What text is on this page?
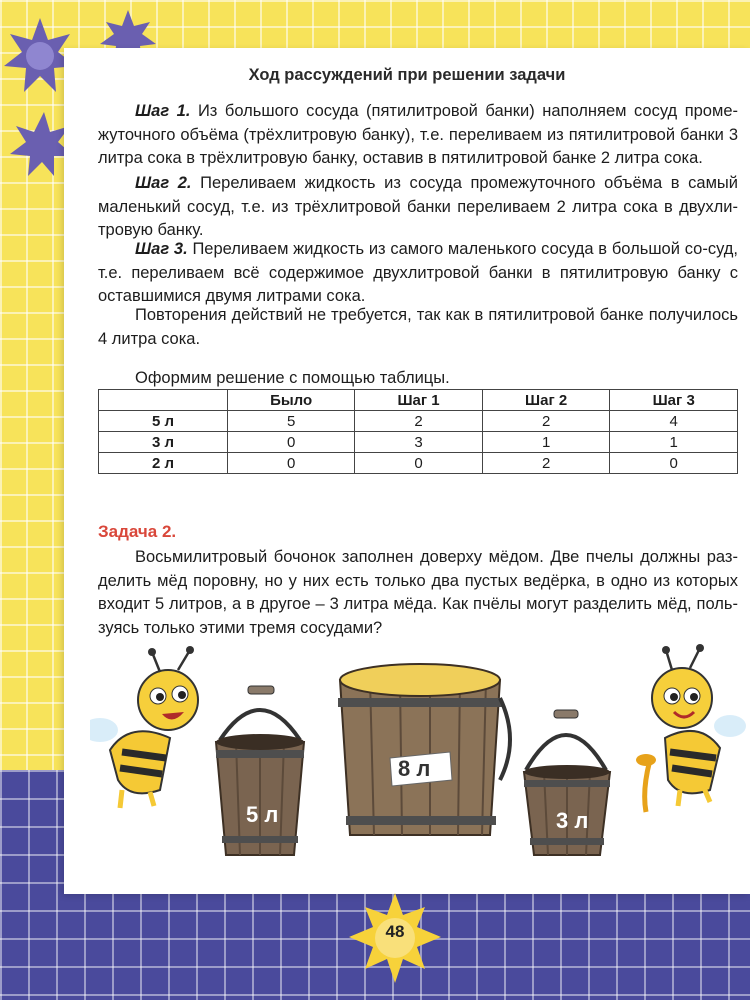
Ход рассуждений при решении задачи
Шаг 1. Из большого сосуда (пятилитровой банки) наполняем сосуд проме-жуточного объёма (трёхлитровую банку), т.е. переливаем из пятилитровой банки 3 литра сока в трёхлитровую банку, оставив в пятилитровой банке 2 литра сока.
Шаг 2. Переливаем жидкость из сосуда промежуточного объёма в самый маленький сосуд, т.е. из трёхлитровой банки переливаем 2 литра сока в двухли-тровую банку.
Шаг 3. Переливаем жидкость из самого маленького сосуда в большой со-суд, т.е. переливаем всё содержимое двухлитровой банки в пятилитровую банку с оставшимися двумя литрами сока.
Повторения действий не требуется, так как в пятилитровой банке получилось 4 литра сока.
Оформим решение с помощью таблицы.
	Было	Шаг 1	Шаг 2	Шаг 3
5 л	5	2	2	4
3 л	0	3	1	1
2 л	0	0	2	0
Задача 2.
Восьмилитровый бочонок заполнен доверху мёдом. Две пчелы должны раз-делить мёд поровну, но у них есть только два пустых ведёрка, в одно из которых входит 5 литров, а в другое – 3 литра мёда. Как пчёлы могут разделить мёд, поль-зуясь только этими тремя сосудами?
5 л
8 л
3 л
48
